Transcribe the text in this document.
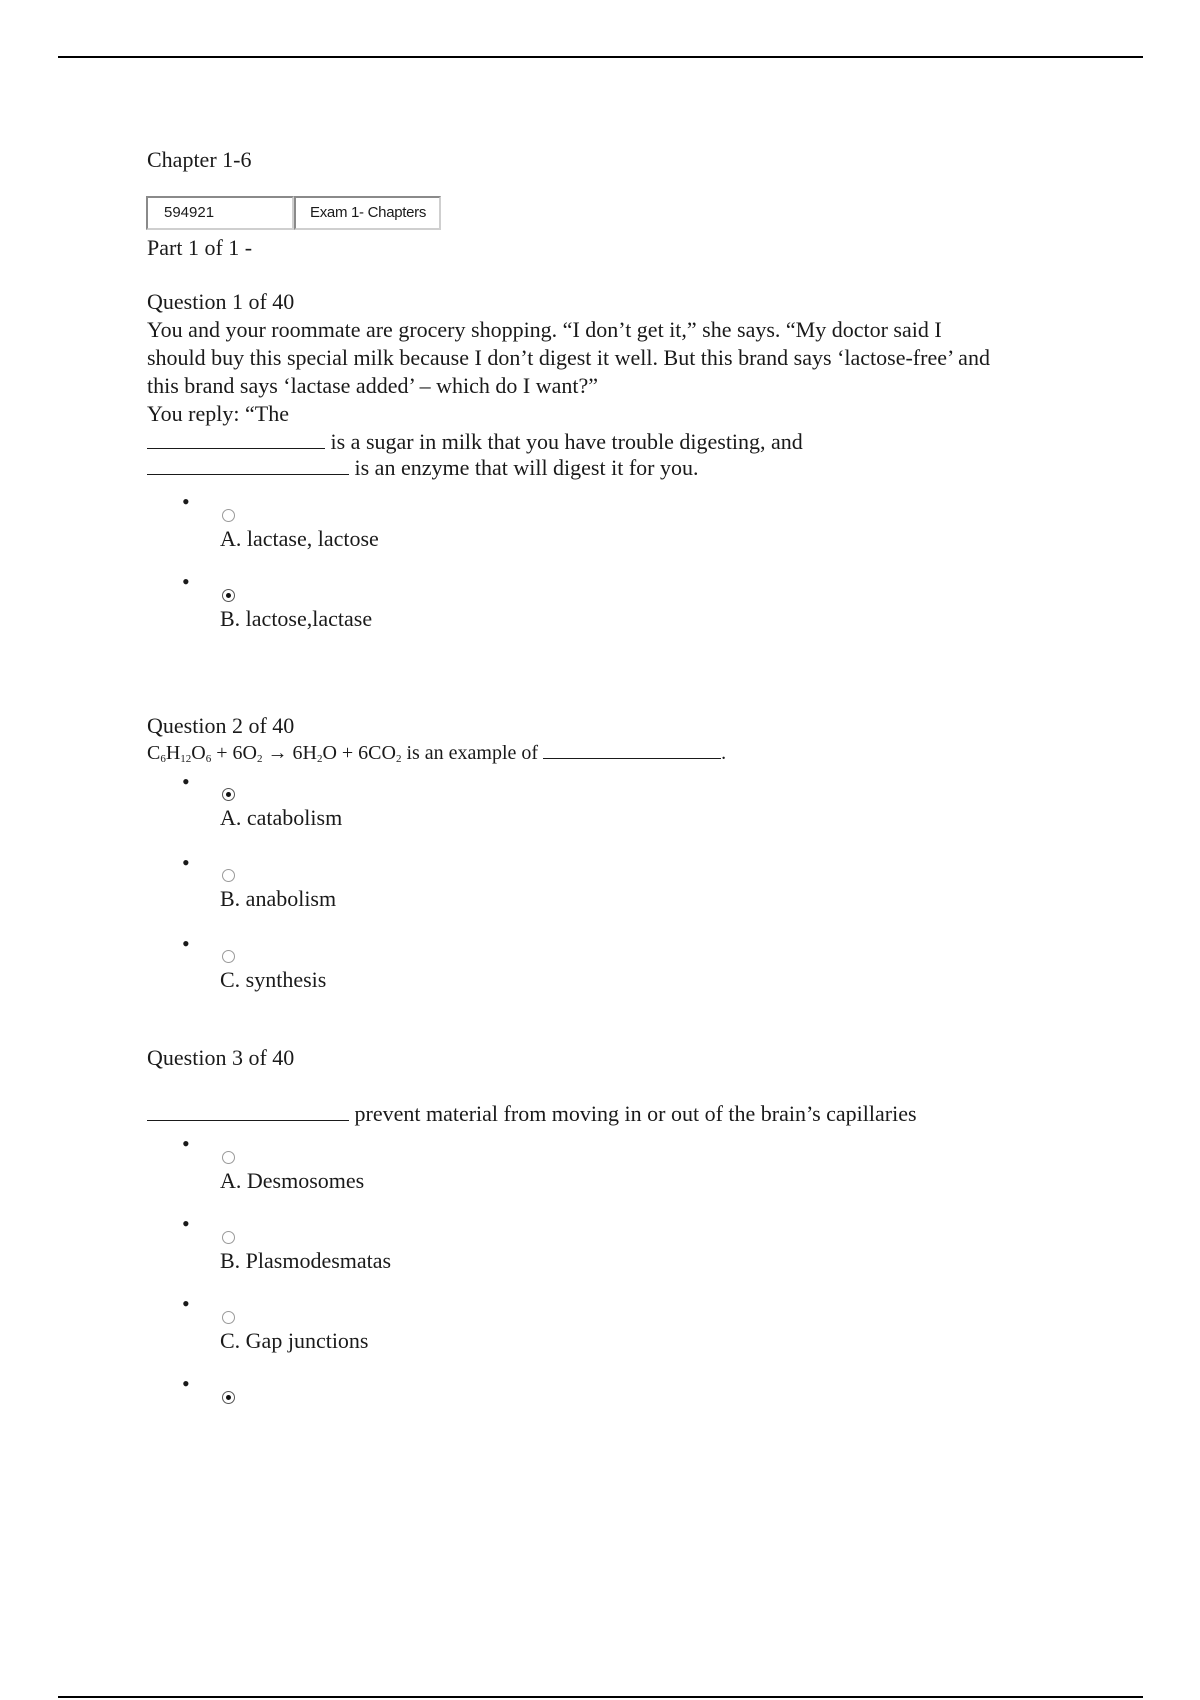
Chapter 1-6
594921	Exam 1- Chapters
Part 1 of 1 -
Question 1 of 40
You and your roommate are grocery shopping. “I don’t get it,” she says. “My doctor said I
should buy this special milk because I don’t digest it well. But this brand says ‘lactose-free’ and
this brand says ‘lactase added’ – which do I want?”
You reply: “The
is a sugar in milk that you have trouble digesting, and
is an enzyme that will digest it for you.
•
A. lactase, lactose
•
B. lactose,lactase
Question 2 of 40
$C_6H_{12}O_6 + 6O_2 \to 6H_2O + 6CO_2$ is an example of	.
•
A. catabolism
•
B. anabolism
•
C. synthesis
Question 3 of 40
prevent material from moving in or out of the brain’s capillaries
•
A. Desmosomes
•
B. Plasmodesmatas
•
C. Gap junctions
•
